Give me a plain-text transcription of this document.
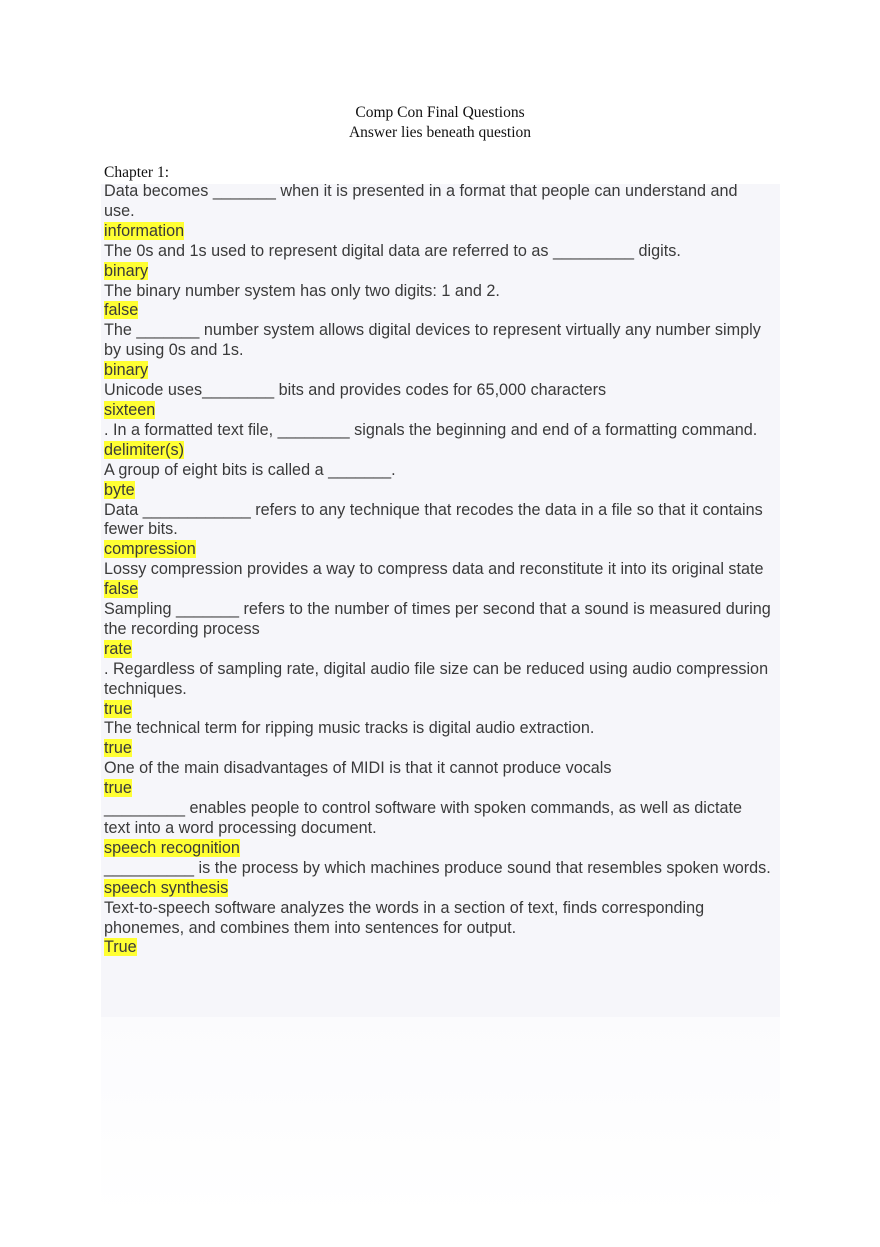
Comp Con Final Questions
Answer lies beneath question
Chapter 1:
Data becomes _______ when it is presented in a format that people can understand and use.
information
The 0s and 1s used to represent digital data are referred to as _________ digits.
binary
The binary number system has only two digits: 1 and 2.
false
The _______ number system allows digital devices to represent virtually any number simply by using 0s and 1s.
binary
Unicode uses________ bits and provides codes for 65,000 characters
sixteen
. In a formatted text file, ________ signals the beginning and end of a formatting command.
delimiter(s)
A group of eight bits is called a _______.
byte
Data ____________ refers to any technique that recodes the data in a file so that it contains fewer bits.
compression
Lossy compression provides a way to compress data and reconstitute it into its original state
false
Sampling _______ refers to the number of times per second that a sound is measured during the recording process
rate
. Regardless of sampling rate, digital audio file size can be reduced using audio compression techniques.
true
The technical term for ripping music tracks is digital audio extraction.
true
One of the main disadvantages of MIDI is that it cannot produce vocals
true
_________ enables people to control software with spoken commands, as well as dictate text into a word processing document.
speech recognition
__________ is the process by which machines produce sound that resembles spoken words.
speech synthesis
Text-to-speech software analyzes the words in a section of text, finds corresponding phonemes, and combines them into sentences for output.
True
